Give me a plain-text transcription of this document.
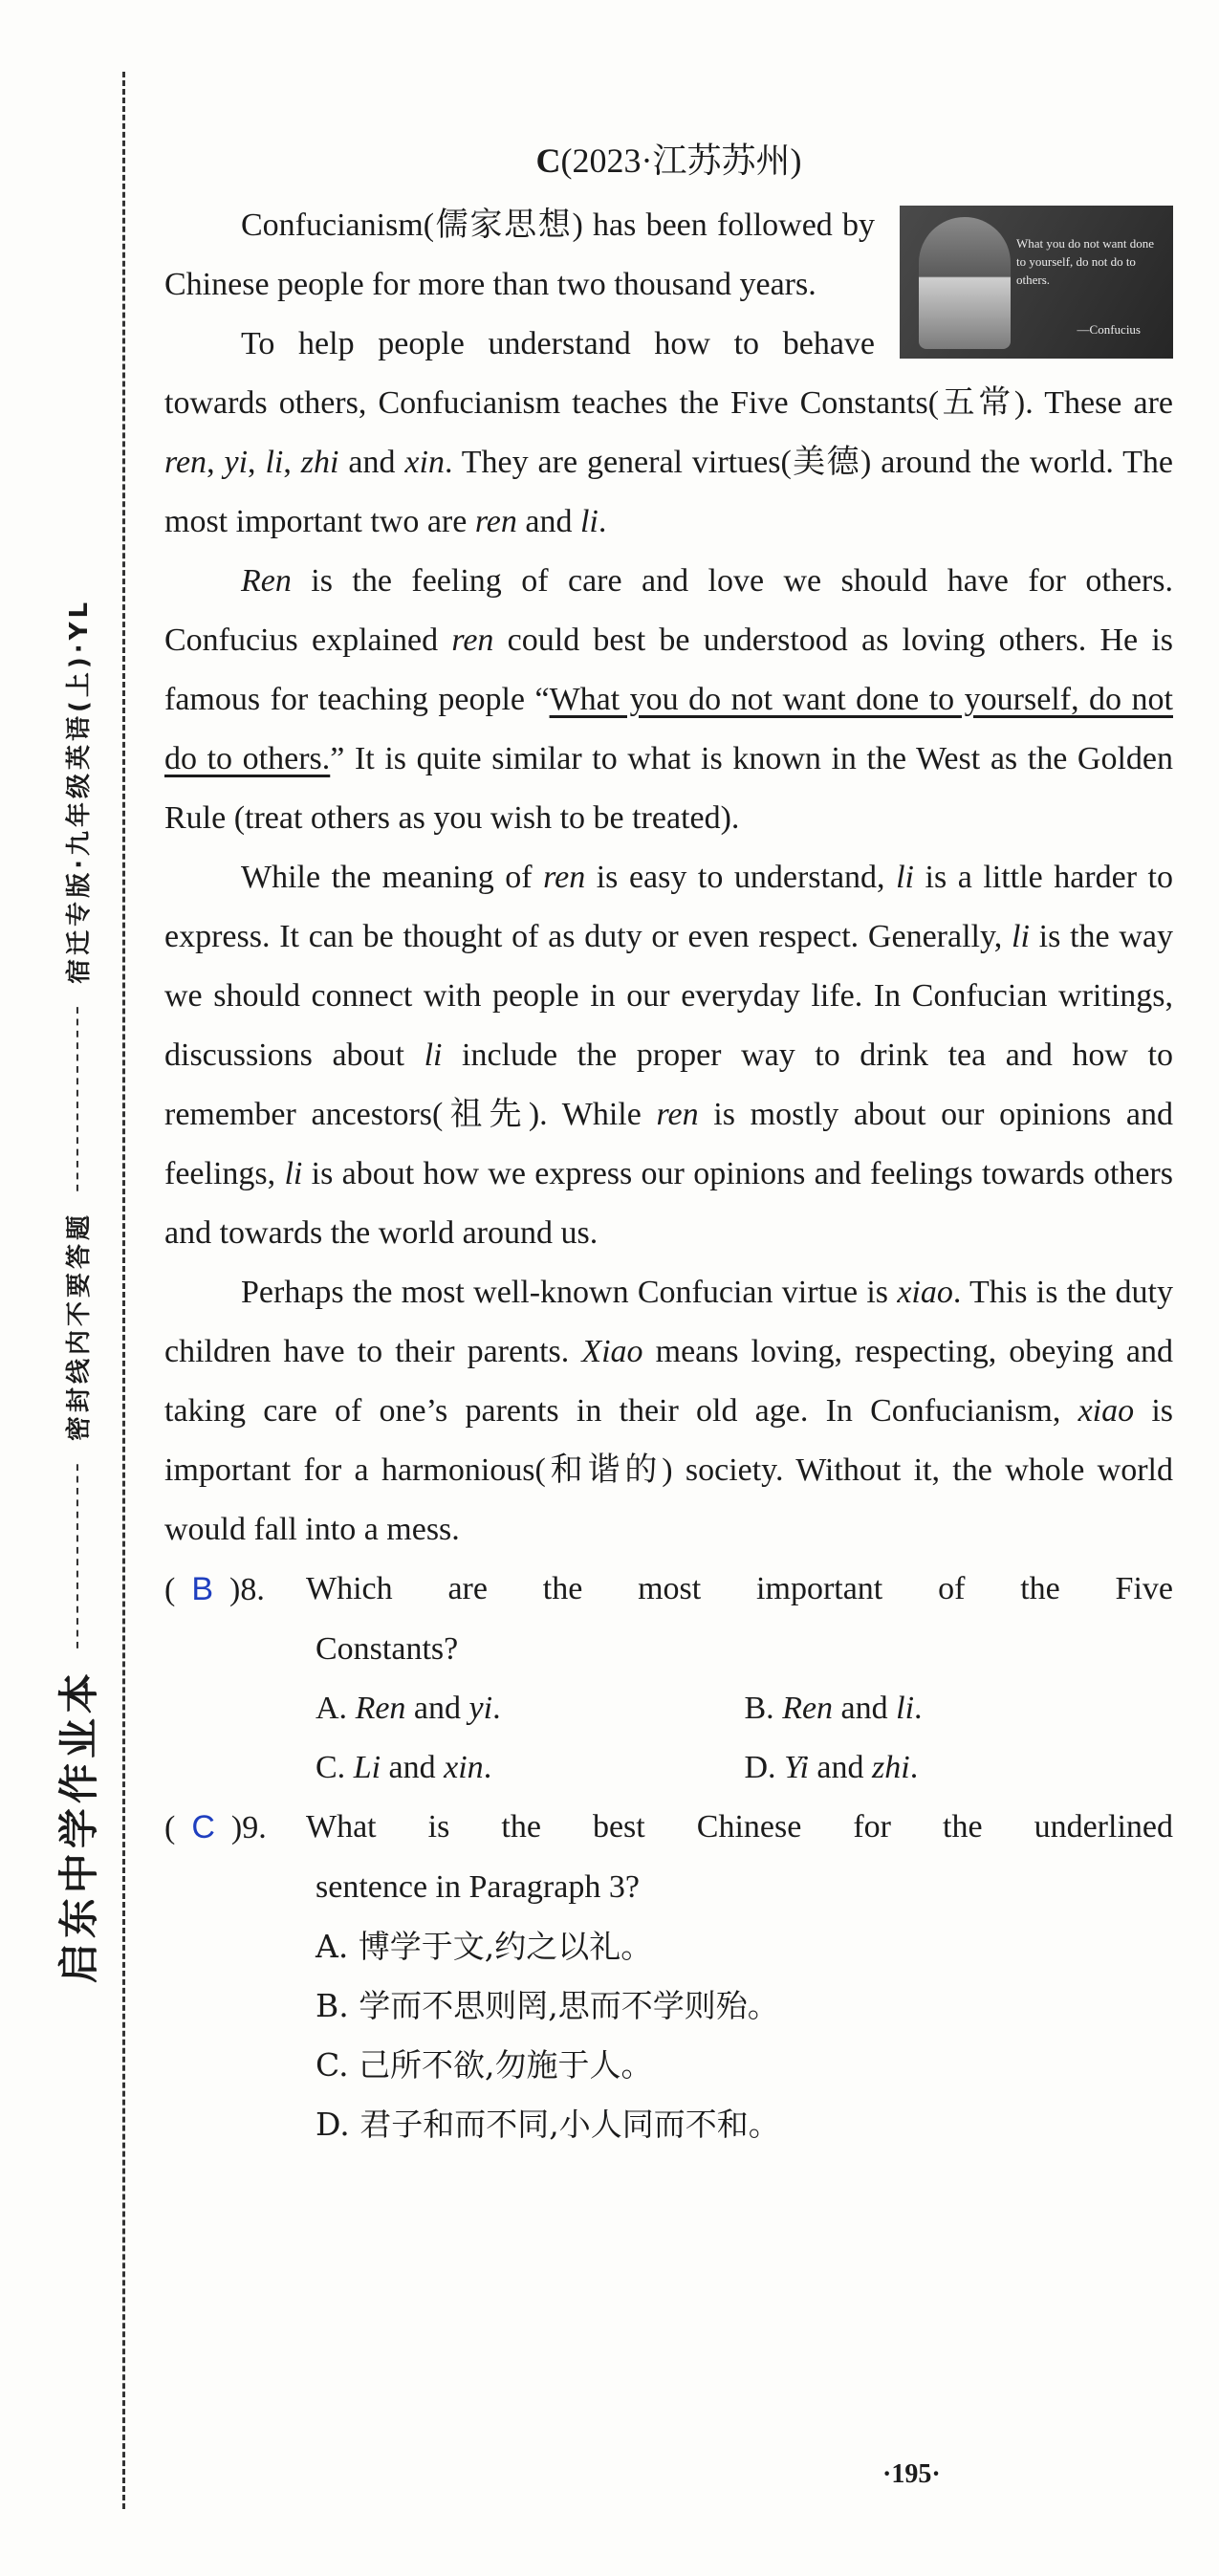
启东中学作业本
----------------
密封线内不要答题
----------------
宿迁专版·九年级英语(上)·YL
C(2023·江苏苏州)
What you do not want done to yourself, do not do to others.
—Confucius

Confucianism(儒家思想) has been followed by Chinese people for more than two thousand years.

To help people understand how to behave towards others, Confucianism teaches the Five Constants(五常). These are ren, yi, li, zhi and xin. They are general virtues(美德) around the world. The most important two are ren and li.

Ren is the feeling of care and love we should have for others. Confucius explained ren could best be understood as loving others. He is famous for teaching people “What you do not want done to yourself, do not do to others.” It is quite similar to what is known in the West as the Golden Rule (treat others as you wish to be treated).

While the meaning of ren is easy to understand, li is a little harder to express. It can be thought of as duty or even respect. Generally, li is the way we should connect with people in our everyday life. In Confucian writings, discussions about li include the proper way to drink tea and how to remember ancestors(祖先). While ren is mostly about our opinions and feelings, li is about how we express our opinions and feelings towards others and towards the world around us.

Perhaps the most well-known Confucian virtue is xiao. This is the duty children have to their parents. Xiao means loving, respecting, obeying and taking care of one’s parents in their old age. In Confucianism, xiao is important for a harmonious(和谐的) society. Without it, the whole world would fall into a mess.

(  B  )8.	Which are the most important of the Five
Constants?
A. Ren and yi.	B. Ren and li.
C. Li and xin.	D. Yi and zhi.
(  C  )9.	What is the best Chinese for the underlined
sentence in Paragraph 3?
A. 博学于文,约之以礼。
B. 学而不思则罔,思而不学则殆。
C. 己所不欲,勿施于人。
D. 君子和而不同,小人同而不和。
·195·
